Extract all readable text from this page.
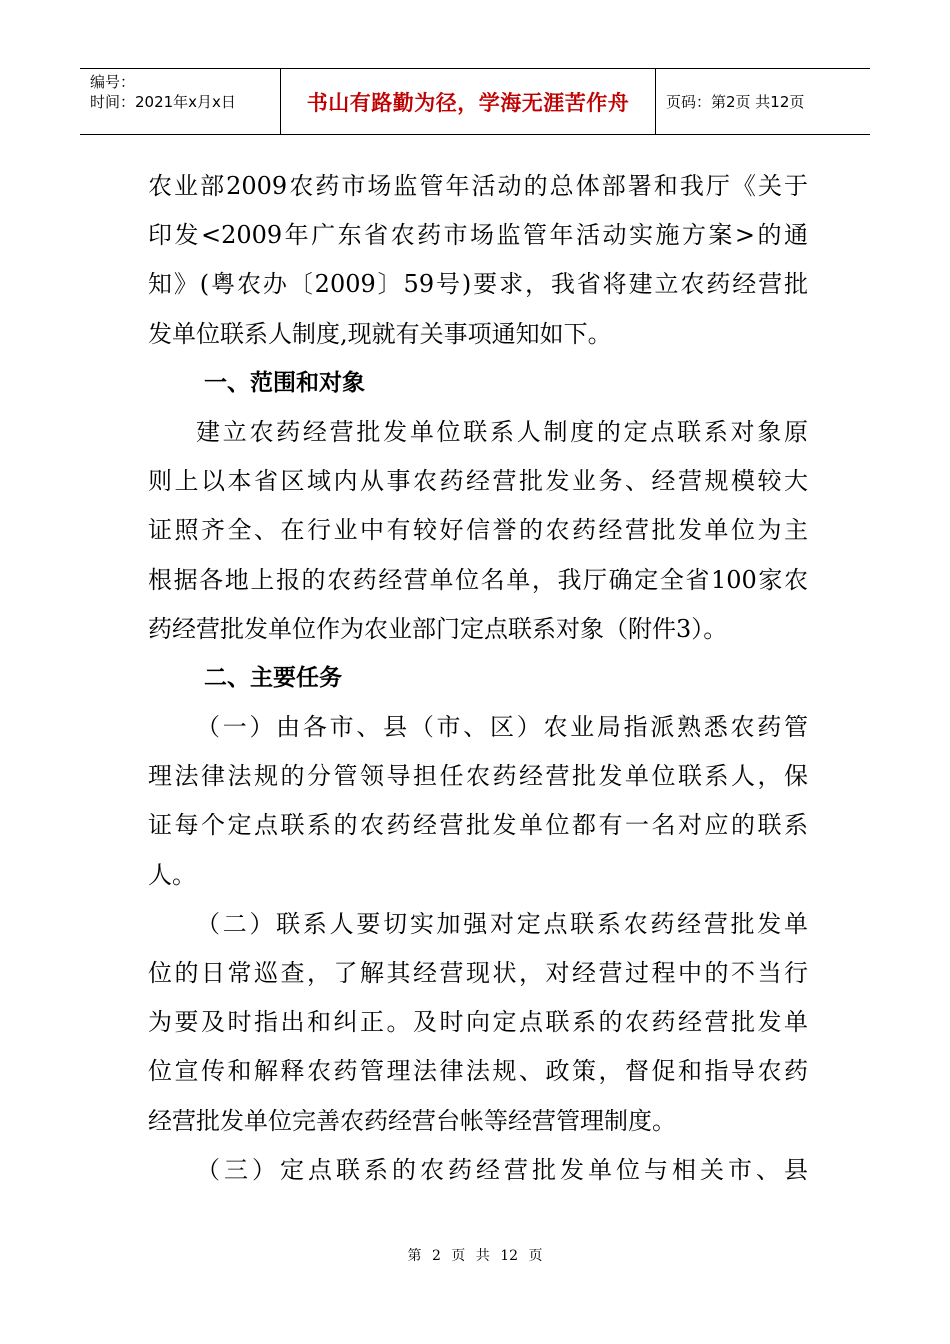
编号：
时间：2021年x月x日	书山有路勤为径，学海无涯苦作舟 页码：第2页 共12页
农业部2009农药市场监管年活动的总体部署和我厅《关于
印发<2009年广东省农药市场监管年活动实施方案>的通
知》(粤农办〔2009〕59号)要求，我省将建立农药经营批
发单位联系人制度,现就有关事项通知如下。
一、范围和对象
建立农药经营批发单位联系人制度的定点联系对象原
则上以本省区域内从事农药经营批发业务、经营规模较大
证照齐全、在行业中有较好信誉的农药经营批发单位为主
根据各地上报的农药经营单位名单，我厅确定全省100家农
药经营批发单位作为农业部门定点联系对象（附件3）。
二、主要任务
（一）由各市、县（市、区）农业局指派熟悉农药管
理法律法规的分管领导担任农药经营批发单位联系人，保
证每个定点联系的农药经营批发单位都有一名对应的联系
人。
（二）联系人要切实加强对定点联系农药经营批发单
位的日常巡查，了解其经营现状，对经营过程中的不当行
为要及时指出和纠正。及时向定点联系的农药经营批发单
位宣传和解释农药管理法律法规、政策，督促和指导农药
经营批发单位完善农药经营台帐等经营管理制度。
（三）定点联系的农药经营批发单位与相关市、县
第 2 页 共 12 页
